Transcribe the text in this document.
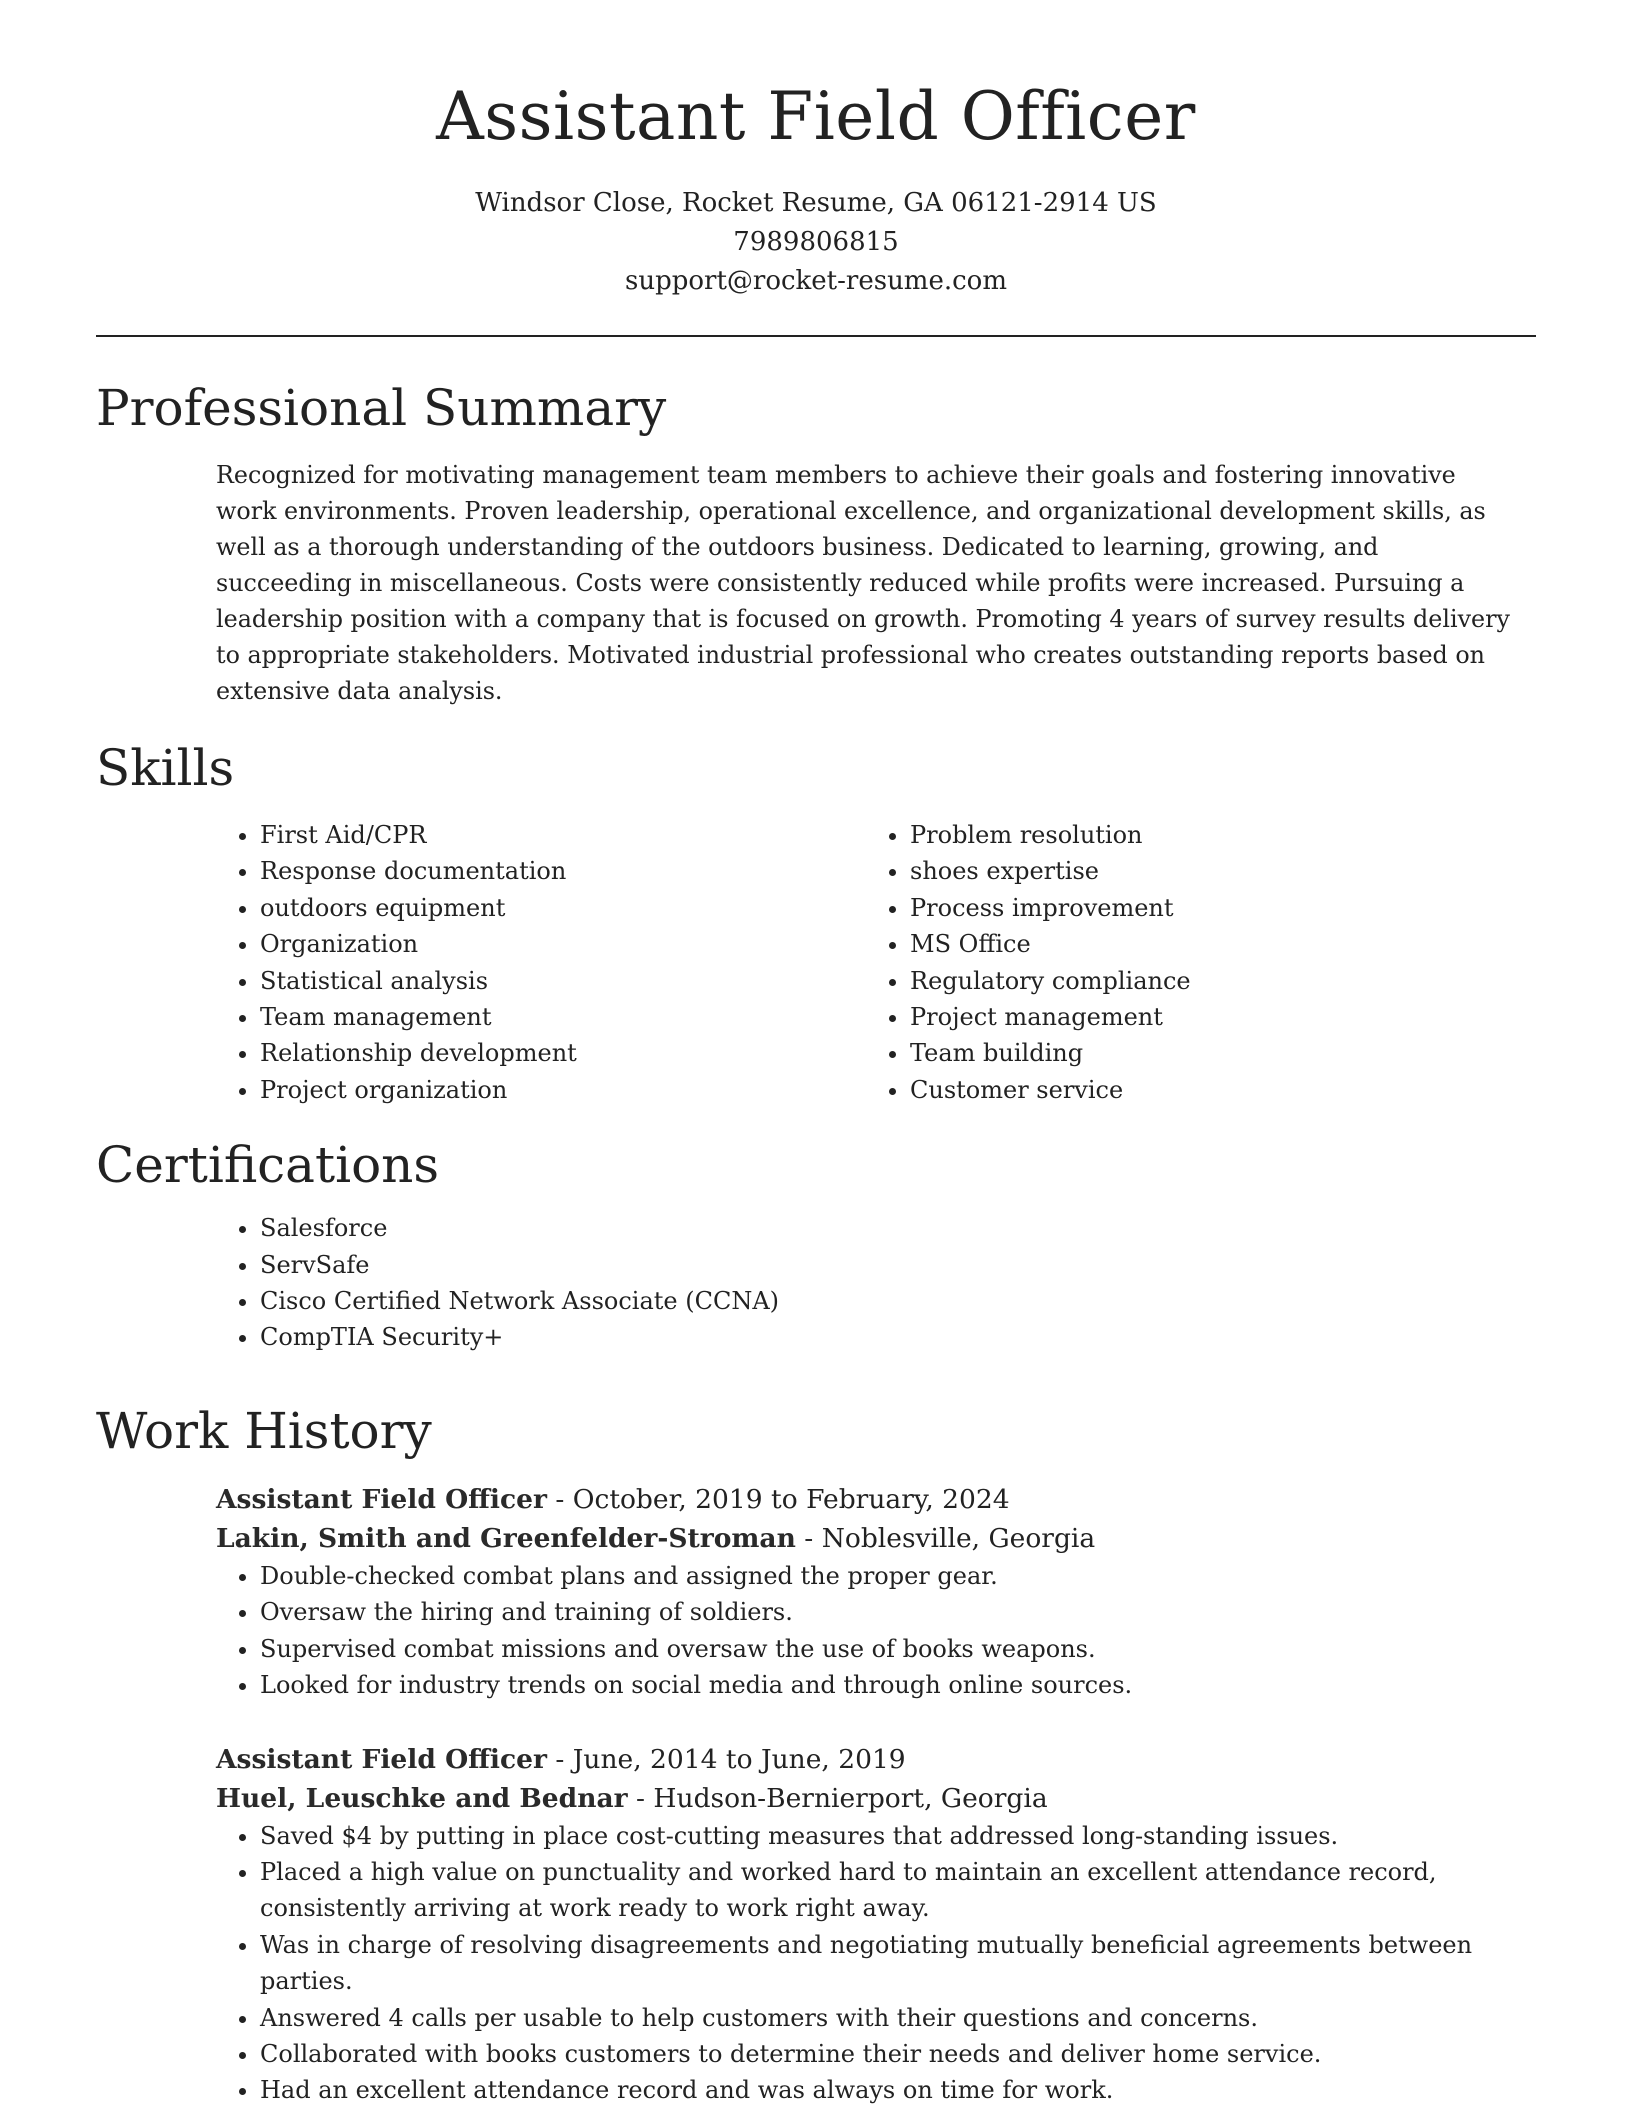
Assistant Field Officer
Windsor Close, Rocket Resume, GA 06121-2914 US
7989806815
support@rocket-resume.com
Professional Summary

Recognized for motivating management team members to achieve their goals and fostering innovative work environments. Proven leadership, operational excellence, and organizational development skills, as well as a thorough understanding of the outdoors business. Dedicated to learning, growing, and succeeding in miscellaneous. Costs were consistently reduced while profits were increased. Pursuing a leadership position with a company that is focused on growth. Promoting 4 years of survey results delivery to appropriate stakeholders. Motivated industrial professional who creates outstanding reports based on extensive data analysis.

Skills
• First Aid/CPR
• Response documentation
• outdoors equipment
• Organization
• Statistical analysis
• Team management
• Relationship development
• Project organization
• Problem resolution
• shoes expertise
• Process improvement
• MS Office
• Regulatory compliance
• Project management
• Team building
• Customer service
Certifications
• Salesforce
• ServSafe
• Cisco Certified Network Associate (CCNA)
• CompTIA Security+
Work History
Assistant Field Officer - October, 2019 to February, 2024
Lakin, Smith and Greenfelder-Stroman - Noblesville, Georgia
• Double-checked combat plans and assigned the proper gear.
• Oversaw the hiring and training of soldiers.
• Supervised combat missions and oversaw the use of books weapons.
• Looked for industry trends on social media and through online sources.
Assistant Field Officer - June, 2014 to June, 2019
Huel, Leuschke and Bednar - Hudson-Bernierport, Georgia
• Saved $4 by putting in place cost-cutting measures that addressed long-standing issues.
• Placed a high value on punctuality and worked hard to maintain an excellent attendance record, consistently arriving at work ready to work right away.
• Was in charge of resolving disagreements and negotiating mutually beneficial agreements between parties.
• Answered 4 calls per usable to help customers with their questions and concerns.
• Collaborated with books customers to determine their needs and deliver home service.
• Had an excellent attendance record and was always on time for work.
